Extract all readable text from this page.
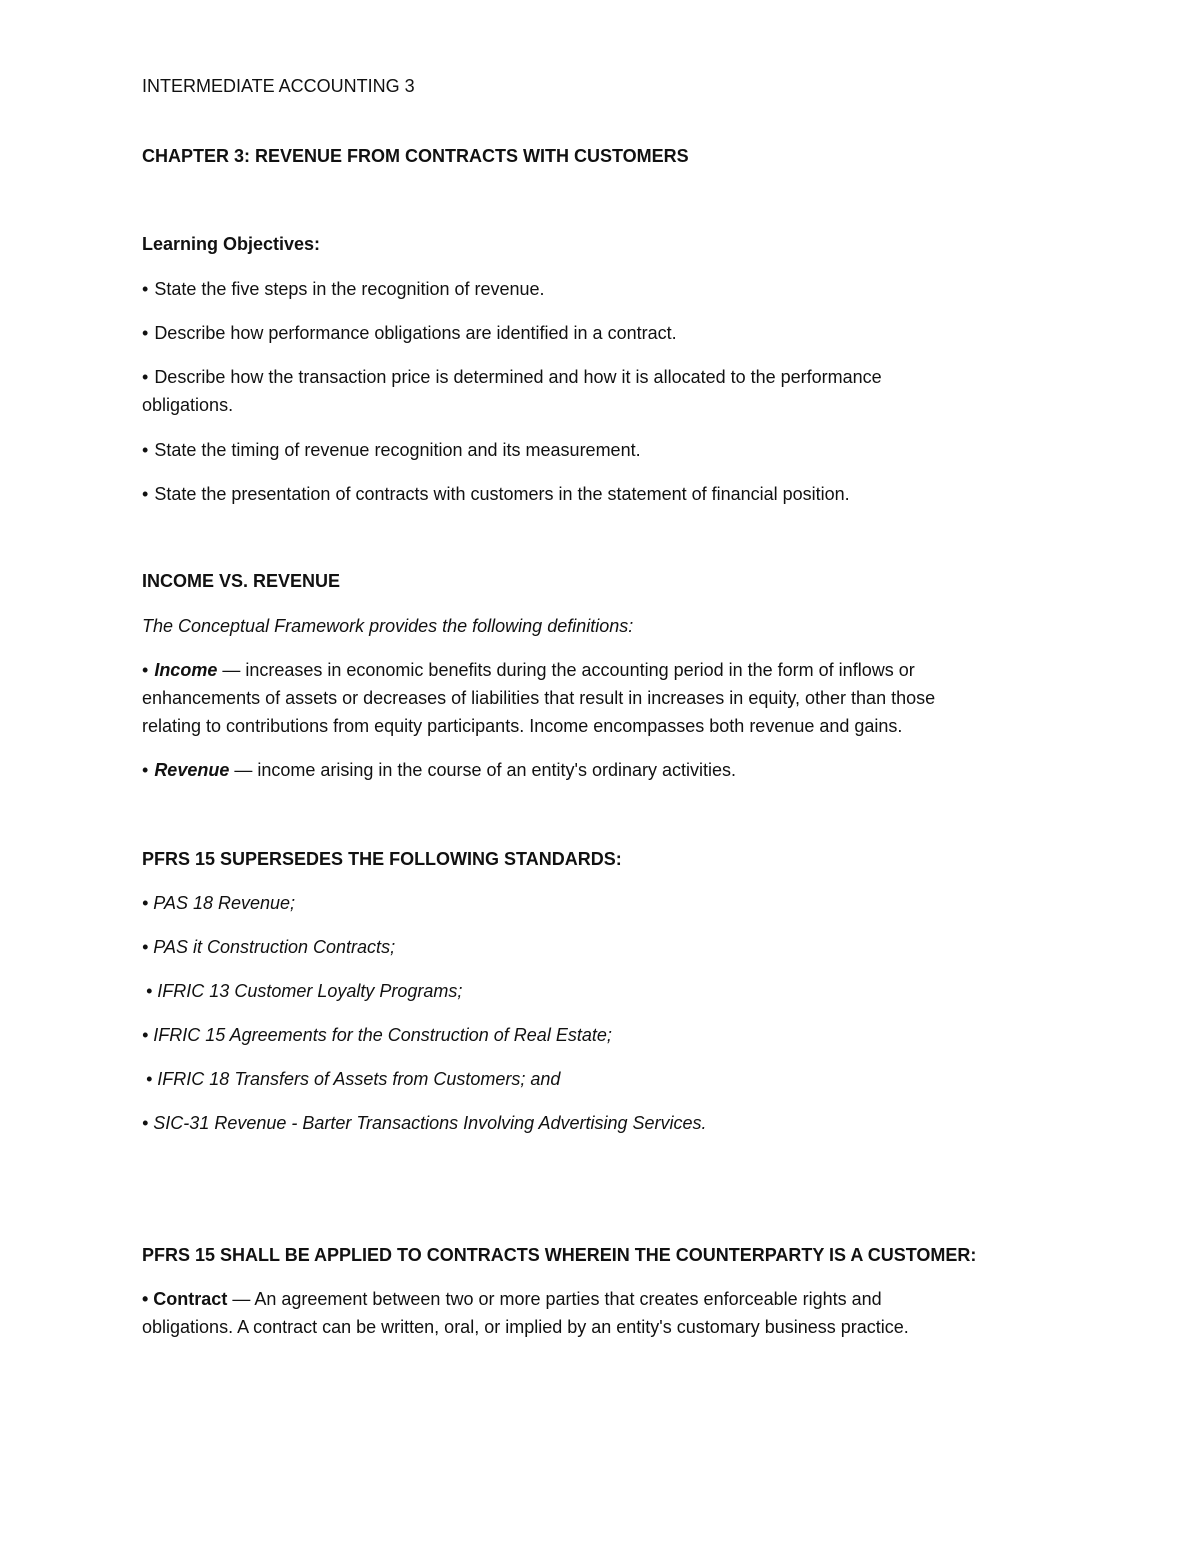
INTERMEDIATE ACCOUNTING 3
CHAPTER 3: REVENUE FROM CONTRACTS WITH CUSTOMERS
Learning Objectives:
• State the five steps in the recognition of revenue.
• Describe how performance obligations are identified in a contract.
• Describe how the transaction price is determined and how it is allocated to the performance
obligations.
• State the timing of revenue recognition and its measurement.
• State the presentation of contracts with customers in the statement of financial position.
INCOME VS. REVENUE
The Conceptual Framework provides the following definitions:
• Income — increases in economic benefits during the accounting period in the form of inflows or
enhancements of assets or decreases of liabilities that result in increases in equity, other than those
relating to contributions from equity participants. Income encompasses both revenue and gains.
• Revenue — income arising in the course of an entity's ordinary activities.
PFRS 15 SUPERSEDES THE FOLLOWING STANDARDS:
• PAS 18 Revenue;
• PAS it Construction Contracts;
• IFRIC 13 Customer Loyalty Programs;
• IFRIC 15 Agreements for the Construction of Real Estate;
• IFRIC 18 Transfers of Assets from Customers; and
• SIC-31 Revenue - Barter Transactions Involving Advertising Services.
PFRS 15 SHALL BE APPLIED TO CONTRACTS WHEREIN THE COUNTERPARTY IS A CUSTOMER:
• Contract — An agreement between two or more parties that creates enforceable rights and
obligations. A contract can be written, oral, or implied by an entity's customary business practice.
